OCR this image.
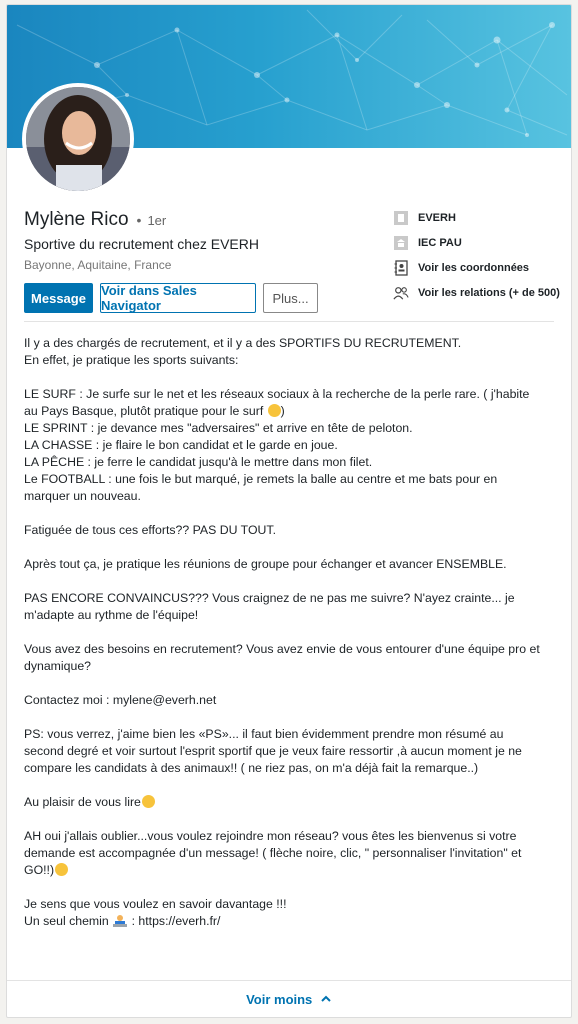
Mylène Rico • 1er
Sportive du recrutement chez EVERH
Bayonne, Aquitaine, France
Message	Voir dans Sales Navigator	Plus...
EVERH
IEC PAU
Voir les coordonnées
Voir les relations (+ de 500)

Il y a des chargés de recrutement, et il y a des SPORTIFS DU RECRUTEMENT.

En effet, je pratique les sports suivants:

LE SURF : Je surfe sur le net et les réseaux sociaux à la recherche de la perle rare. ( j'habite au Pays Basque, plutôt pratique pour le surf )

LE SPRINT : je devance mes "adversaires" et arrive en tête de peloton.

LA CHASSE : je flaire le bon candidat et le garde en joue.

LA PÊCHE : je ferre le candidat jusqu'à le mettre dans mon filet.

Le FOOTBALL : une fois le but marqué, je remets la balle au centre et me bats pour en marquer un nouveau.

Fatiguée de tous ces efforts?? PAS DU TOUT.

Après tout ça, je pratique les réunions de groupe pour échanger et avancer ENSEMBLE.

PAS ENCORE CONVAINCUS??? Vous craignez de ne pas me suivre? N'ayez crainte... je m'adapte au rythme de l'équipe!

Vous avez des besoins en recrutement? Vous avez envie de vous entourer d'une équipe pro et dynamique?

Contactez moi : mylene@everh.net

PS: vous verrez, j'aime bien les «PS»... il faut bien évidemment prendre mon résumé au second degré et voir surtout l'esprit sportif que je veux faire ressortir ,à aucun moment je ne compare les candidats à des animaux!! ( ne riez pas, on m'a déjà fait la remarque..)

Au plaisir de vous lire

AH oui j'allais oublier...vous voulez rejoindre mon réseau? vous êtes les bienvenus si votre demande est accompagnée d'un message! ( flèche noire, clic, " personnaliser l'invitation" et GO!!)

Je sens que vous voulez en savoir davantage !!!

Un seul chemin  : https://everh.fr/

Voir moins
